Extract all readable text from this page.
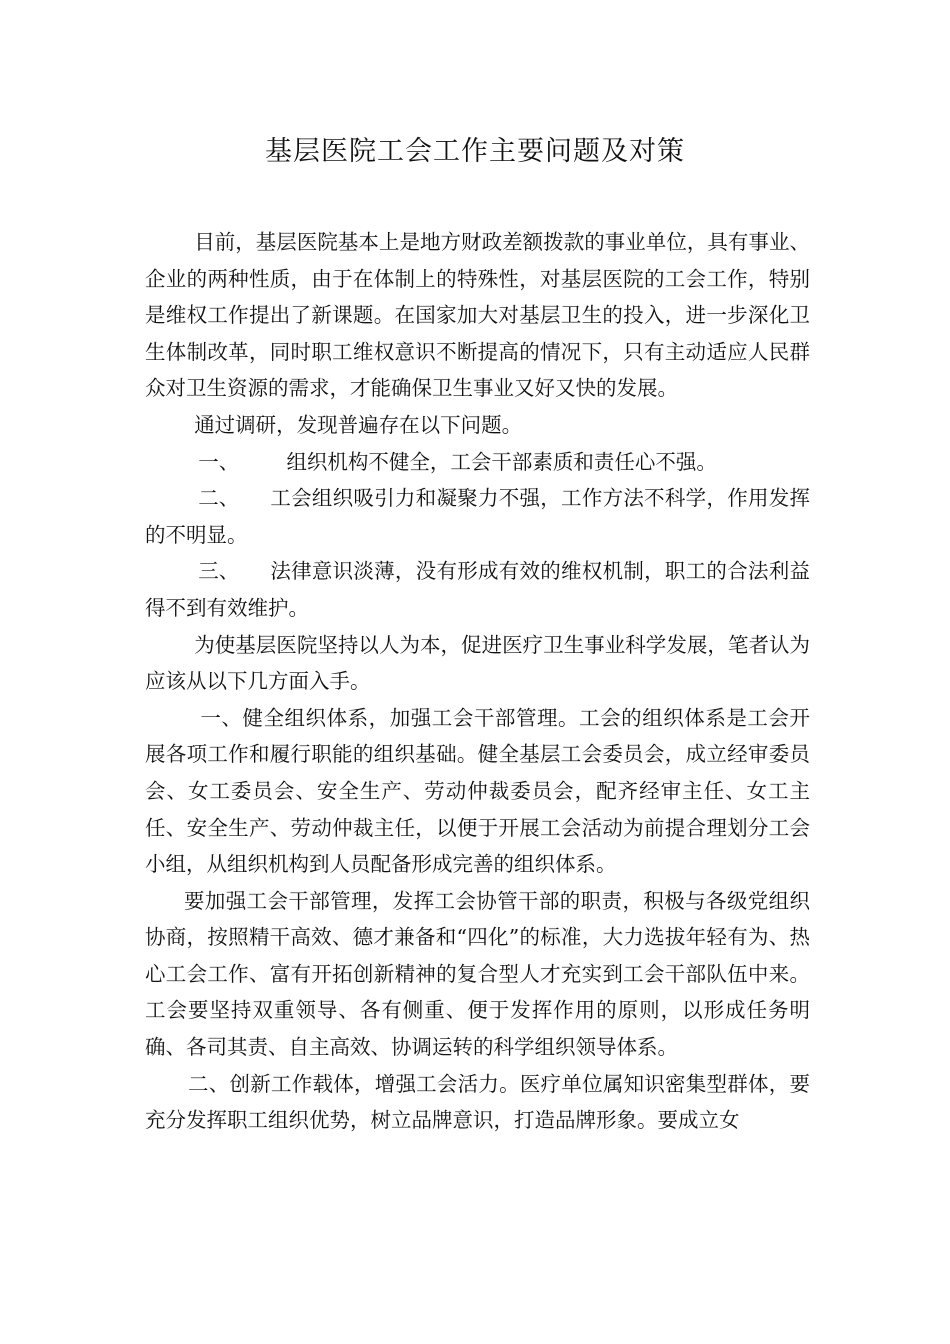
基层医院工会工作主要问题及对策

目前，基层医院基本上是地方财政差额拨款的事业单位，具有事业、企业的两种性质，由于在体制上的特殊性，对基层医院的工会工作，特别是维权工作提出了新课题。在国家加大对基层卫生的投入，进一步深化卫生体制改革，同时职工维权意识不断提高的情况下，只有主动适应人民群众对卫生资源的需求，才能确保卫生事业又好又快的发展。

通过调研，发现普遍存在以下问题。

一、 组织机构不健全，工会干部素质和责任心不强。

二、 工会组织吸引力和凝聚力不强，工作方法不科学，作用发挥的不明显。

三、 法律意识淡薄，没有形成有效的维权机制，职工的合法利益得不到有效维护。

为使基层医院坚持以人为本，促进医疗卫生事业科学发展，笔者认为应该从以下几方面入手。

一、健全组织体系，加强工会干部管理。工会的组织体系是工会开展各项工作和履行职能的组织基础。健全基层工会委员会，成立经审委员会、女工委员会、安全生产、劳动仲裁委员会，配齐经审主任、女工主任、安全生产、劳动仲裁主任，以便于开展工会活动为前提合理划分工会小组，从组织机构到人员配备形成完善的组织体系。

要加强工会干部管理，发挥工会协管干部的职责，积极与各级党组织协商，按照精干高效、德才兼备和“四化”的标准，大力选拔年轻有为、热心工会工作、富有开拓创新精神的复合型人才充实到工会干部队伍中来。工会要坚持双重领导、各有侧重、便于发挥作用的原则，以形成任务明确、各司其责、自主高效、协调运转的科学组织领导体系。

二、创新工作载体，增强工会活力。医疗单位属知识密集型群体，要充分发挥职工组织优势，树立品牌意识，打造品牌形象。要成立女
